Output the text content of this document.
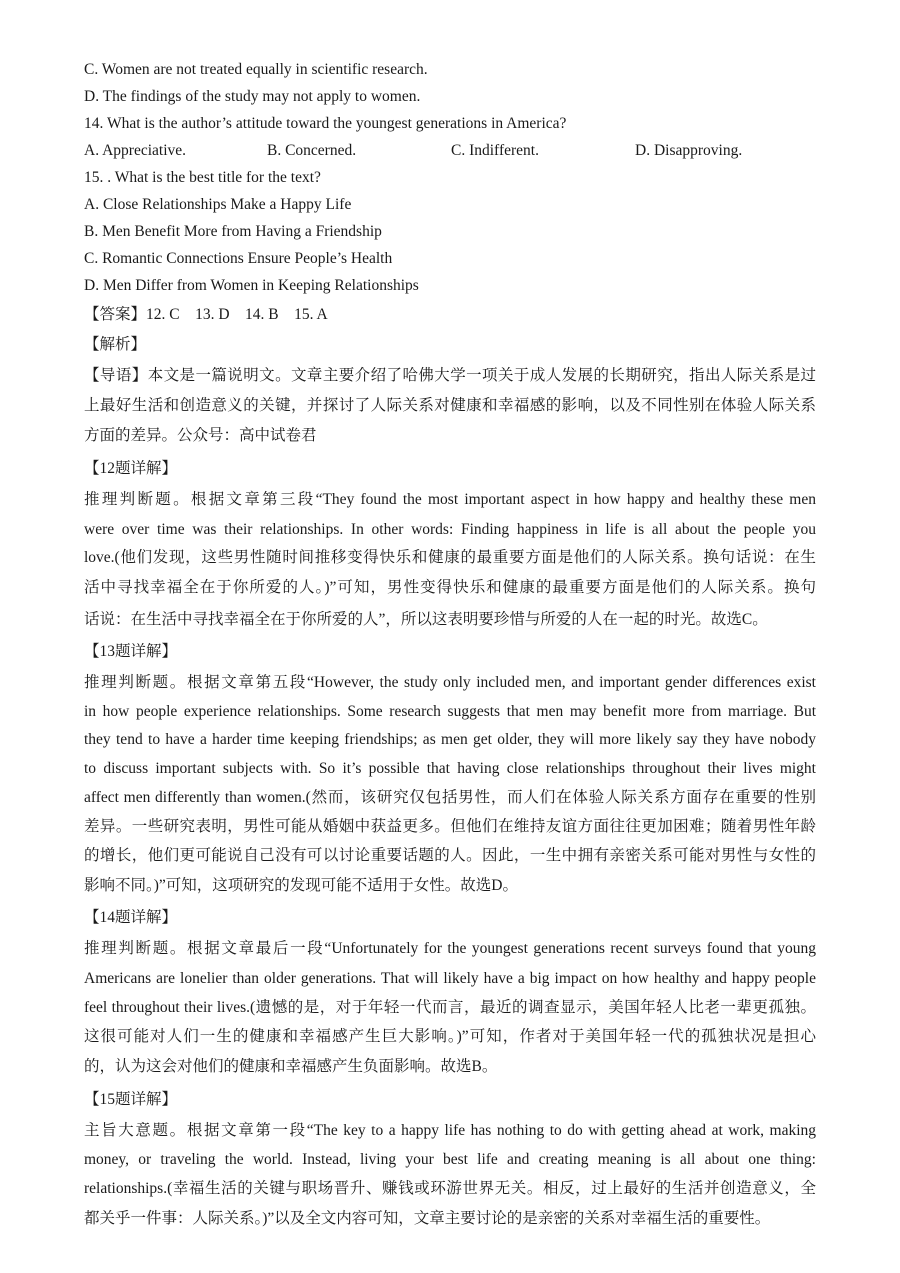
C. Women are not treated equally in scientific research.
D. The findings of the study may not apply to women.
14. What is the author’s attitude toward the youngest generations in America?
A. Appreciative.	B. Concerned.	C. Indifferent.	D. Disapproving.
15. . What is the best title for the text?
A. Close Relationships Make a Happy Life
B. Men Benefit More from Having a Friendship
C. Romantic Connections Ensure People’s Health
D. Men Differ from Women in Keeping Relationships
【答案】12. C　13. D　14. B　15. A
【解析】
【导语】本文是一篇说明文。文章主要介绍了哈佛大学一项关于成人发展的长期研究，指出人际关系是过
上最好生活和创造意义的关键，并探讨了人际关系对健康和幸福感的影响，以及不同性别在体验人际关系
方面的差异。公众号：高中试卷君
【12题详解】
推理判断题。根据文章第三段“They found the most important aspect in how happy and healthy these men
were over time was their relationships. In other words: Finding happiness in life is all about the people you
love.(他们发现，这些男性随时间推移变得快乐和健康的最重要方面是他们的人际关系。换句话说：在生
活中寻找幸福全在于你所爱的人。)”可知，男性变得快乐和健康的最重要方面是他们的人际关系。换句
话说：在生活中寻找幸福全在于你所爱的人”，所以这表明要珍惜与所爱的人在一起的时光。故选C。
【13题详解】
推理判断题。根据文章第五段“However, the study only included men, and important gender differences exist
in how people experience relationships. Some research suggests that men may benefit more from marriage. But
they tend to have a harder time keeping friendships; as men get older, they will more likely say they have nobody
to discuss important subjects with. So it’s possible that having close relationships throughout their lives might
affect men differently than women.(然而，该研究仅包括男性，而人们在体验人际关系方面存在重要的性别
差异。一些研究表明，男性可能从婚姻中获益更多。但他们在维持友谊方面往往更加困难；随着男性年龄
的增长，他们更可能说自己没有可以讨论重要话题的人。因此，一生中拥有亲密关系可能对男性与女性的
影响不同。)”可知，这项研究的发现可能不适用于女性。故选D。
【14题详解】
推理判断题。根据文章最后一段“Unfortunately for the youngest generations recent surveys found that young
Americans are lonelier than older generations. That will likely have a big impact on how healthy and happy people
feel throughout their lives.(遗憾的是，对于年轻一代而言，最近的调查显示，美国年轻人比老一辈更孤独。
这很可能对人们一生的健康和幸福感产生巨大影响。)”可知，作者对于美国年轻一代的孤独状况是担心
的，认为这会对他们的健康和幸福感产生负面影响。故选B。
【15题详解】
主旨大意题。根据文章第一段“The key to a happy life has nothing to do with getting ahead at work, making
money, or traveling the world. Instead, living your best life and creating meaning is all about one thing:
relationships.(幸福生活的关键与职场晋升、赚钱或环游世界无关。相反，过上最好的生活并创造意义，全
都关乎一件事：人际关系。)”以及全文内容可知，文章主要讨论的是亲密的关系对幸福生活的重要性。
